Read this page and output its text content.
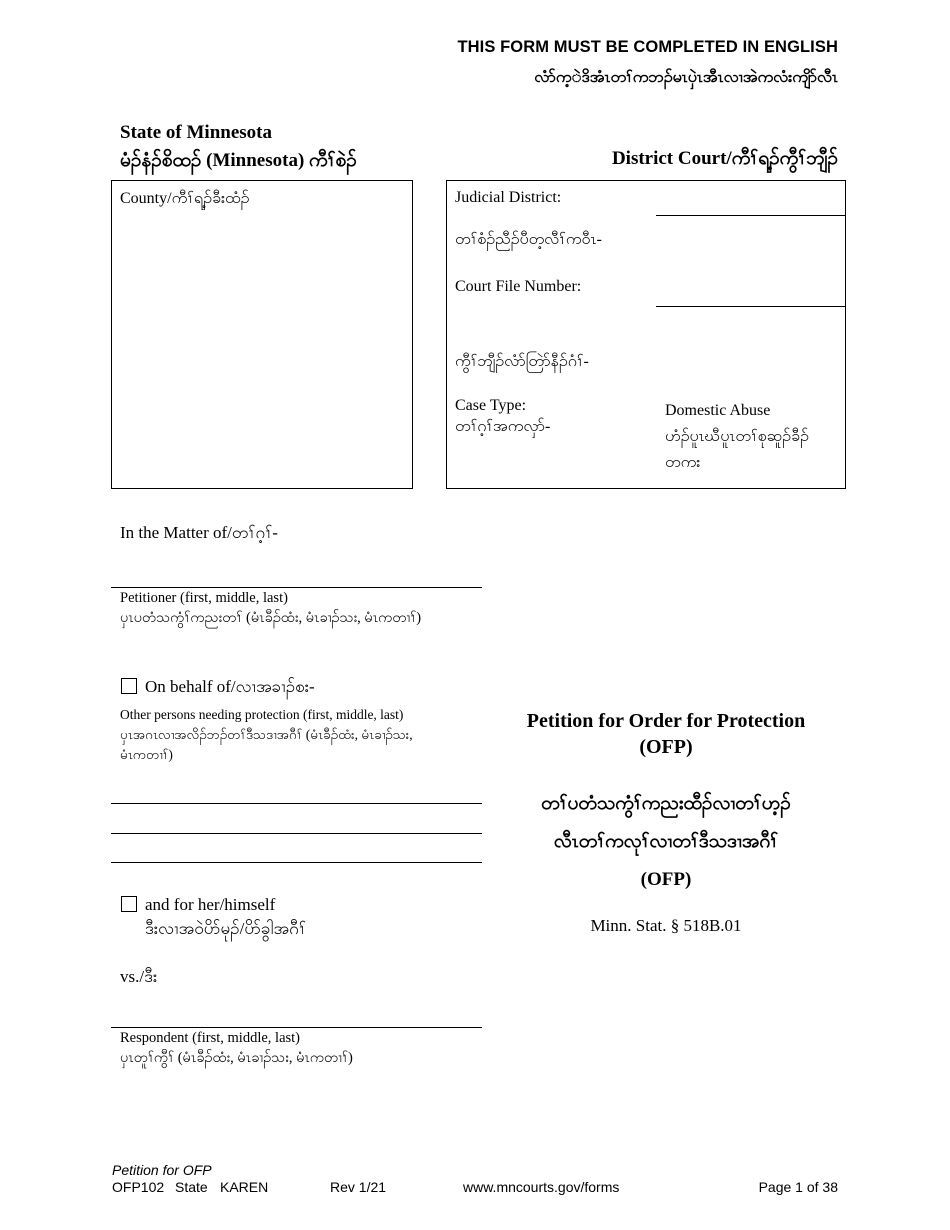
THIS FORM MUST BE COMPLETED IN ENGLISH
လံာ်က့ဲဒိအံၤတၢ်ကဘၣ်မၤပှဲၤအီၤလၢအဲကလံးကျိာ်လီၤ
State of Minnesota
မံၣ်နံၣ်စိထၣ် (Minnesota) ကီၢ်စဲၣ်	District Court/ကီၢ်ရ့ၣ်ကွီၢ်ဘျီၣ်
County/ကီၢ်ရ့ၣ်ခီးထံၣ်	Judicial District:
တၢ်စံၣ်ညီၣ်ပီတ့လီၢ်ကဝီၤ-
Court File Number:
ကွီၢ်ဘျီၣ်လံာ်တြဲာ်နီၣ်ဂံၢ်-
Case Type:
တၢ်ဂ့ၢ်အကလှာ်-
Domestic Abuse
ဟံၣ်ပူၤဃီပူၤတၢ်စုဆူၣ်ခီၣ်
တကး
In the Matter of/တၢ်ဂ့ၢ်-
Petitioner (first, middle, last)
ပှၤပတံသကွံၢ်ကညးတၢ် (မံၤခီၣ်ထံး, မံၤခၢၣ်သး, မံၤကတၢၢ်)
On behalf of/လၢအခၢၣ်စး-
Other persons needing protection (first, middle, last)
ပှၤအဂၤလၢအလိၣ်ဘၣ်တၢ်ဒီသဒၢအဂီၢ် (မံၤခီၣ်ထံး, မံၤခၢၣ်သး,
မံၤကတၢၢ်)
and for her/himself
ဒီးလၢအဝဲပိာ်မုၣ်/ပိာ်ခွါအဂီၢ်
vs./ဒီး
Respondent (first, middle, last)
ပှၤတူၢ်ကွီၢ် (မံၤခီၣ်ထံး, မံၤခၢၣ်သး, မံၤကတၢၢ်)
Petition for Order for Protection
(OFP)
တၢ်ပတံသကွံၢ်ကညးထီၣ်လၢတၢ်ဟ့ၣ်
လီၤတၢ်ကလုၢ်လၢတၢ်ဒီသဒၢအဂီၢ်
(OFP)
Minn. Stat. § 518B.01
Petition for OFP
OFP102 State KAREN	Rev 1/21	www.mncourts.gov/forms	Page 1 of 38
